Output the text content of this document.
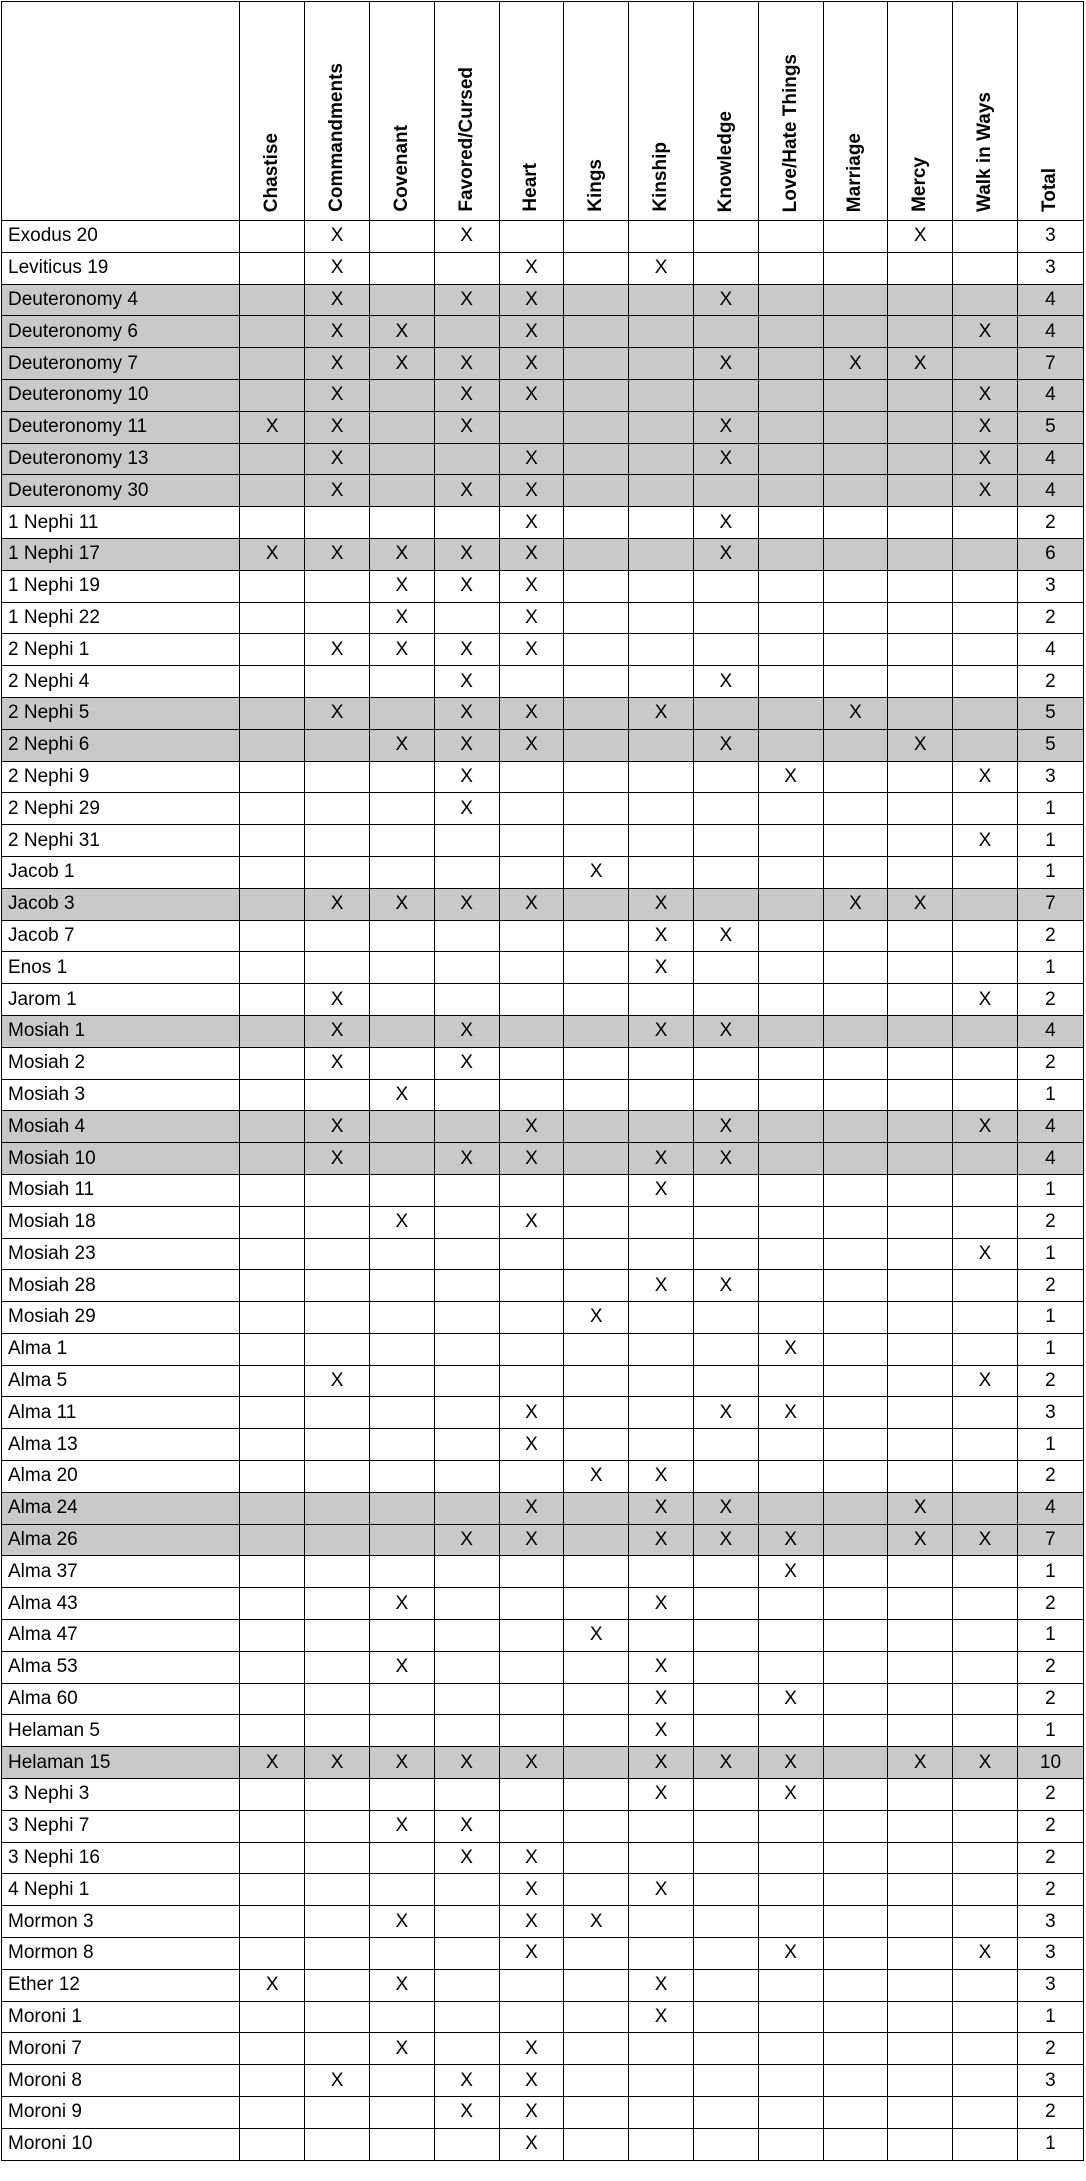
	Chastise	Commandments	Covenant	Favored/Cursed	Heart	Kings	Kinship	Knowledge	Love/Hate Things	Marriage	Mercy	Walk in Ways	Total

Exodus 20		X		X							X		3
Leviticus 19		X			X		X						3
Deuteronomy 4		X		X	X			X					4
Deuteronomy 6		X	X		X							X	4
Deuteronomy 7		X	X	X	X			X		X	X		7
Deuteronomy 10		X		X	X							X	4
Deuteronomy 11	X	X		X				X				X	5
Deuteronomy 13		X			X			X				X	4
Deuteronomy 30		X		X	X							X	4
1 Nephi 11					X			X					2
1 Nephi 17	X	X	X	X	X			X					6
1 Nephi 19			X	X	X								3
1 Nephi 22			X		X								2
2 Nephi 1		X	X	X	X								4
2 Nephi 4				X				X					2
2 Nephi 5		X		X	X		X			X			5
2 Nephi 6			X	X	X			X			X		5
2 Nephi 9				X					X			X	3
2 Nephi 29				X									1
2 Nephi 31												X	1
Jacob 1						X							1
Jacob 3		X	X	X	X		X			X	X		7
Jacob 7							X	X					2
Enos 1							X						1
Jarom 1		X										X	2
Mosiah 1		X		X			X	X					4
Mosiah 2		X		X									2
Mosiah 3			X										1
Mosiah 4		X			X			X				X	4
Mosiah 10		X		X	X		X	X					4
Mosiah 11							X						1
Mosiah 18			X		X								2
Mosiah 23												X	1
Mosiah 28							X	X					2
Mosiah 29						X							1
Alma 1									X				1
Alma 5		X										X	2
Alma 11					X			X	X				3
Alma 13					X								1
Alma 20						X	X						2
Alma 24					X		X	X			X		4
Alma 26				X	X		X	X	X		X	X	7
Alma 37									X				1
Alma 43			X				X						2
Alma 47						X							1
Alma 53			X				X						2
Alma 60							X		X				2
Helaman 5							X						1
Helaman 15	X	X	X	X	X		X	X	X		X	X	10
3 Nephi 3							X		X				2
3 Nephi 7			X	X									2
3 Nephi 16				X	X								2
4 Nephi 1					X		X						2
Mormon 3			X		X	X							3
Mormon 8					X				X			X	3
Ether 12	X		X				X						3
Moroni 1							X						1
Moroni 7			X		X								2
Moroni 8		X		X	X								3
Moroni 9				X	X								2
Moroni 10					X								1
